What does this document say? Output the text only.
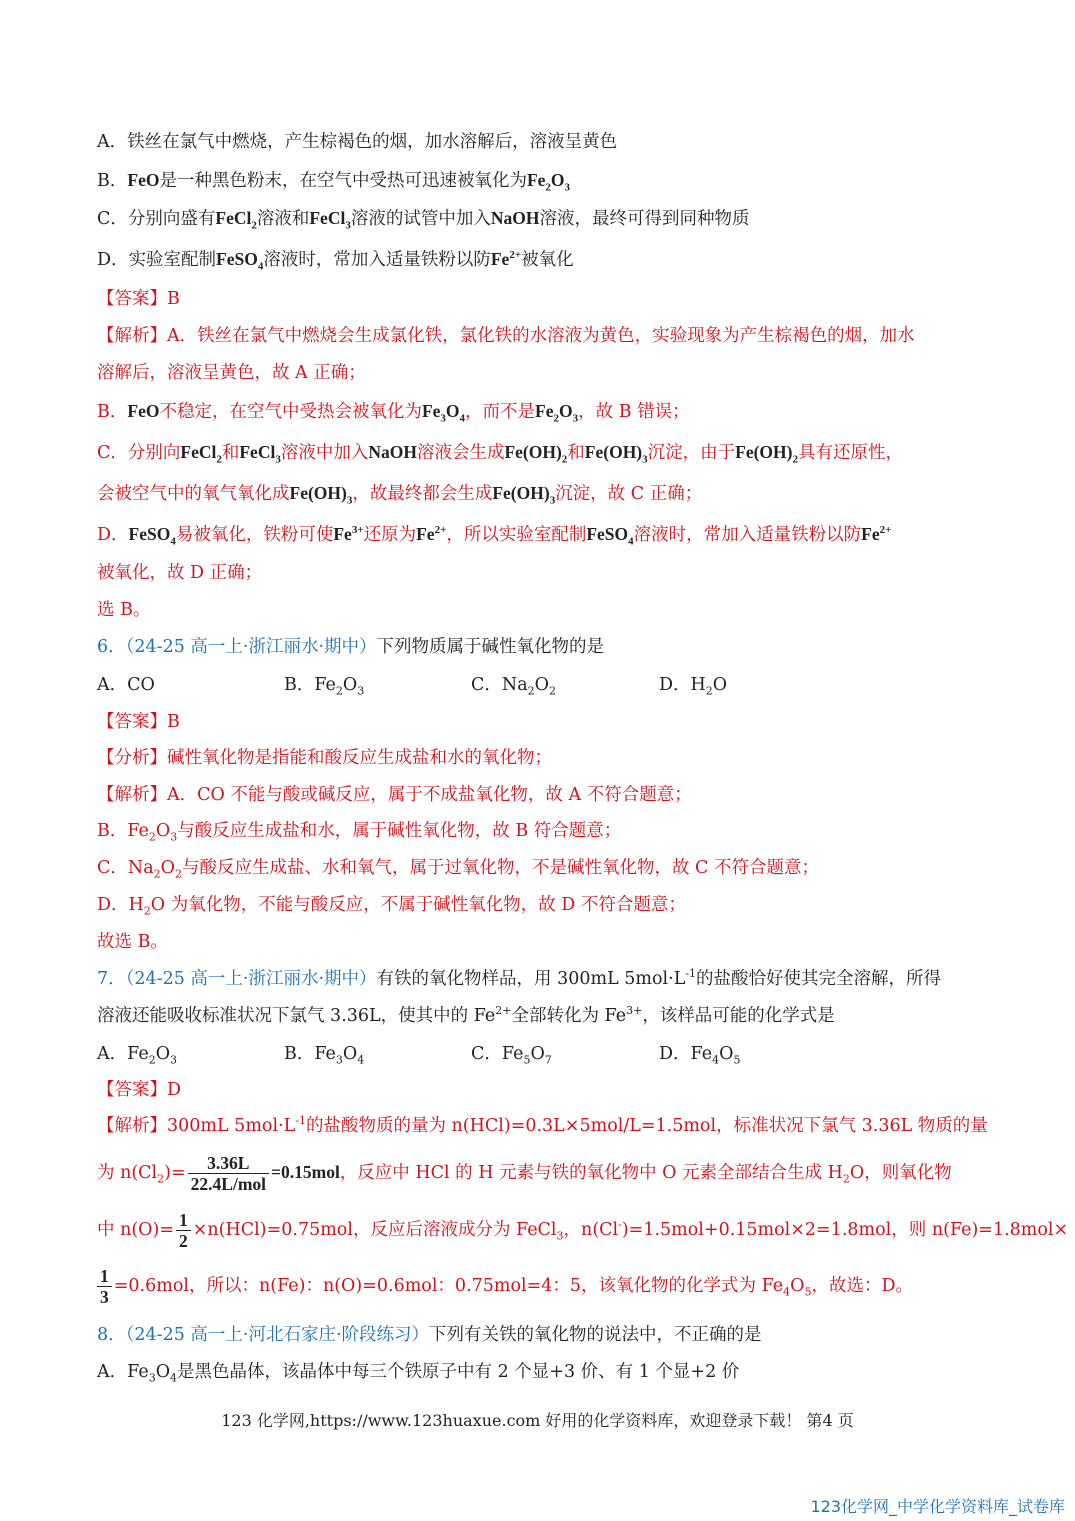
A．铁丝在氯气中燃烧，产生棕褐色的烟，加水溶解后，溶液呈黄色
B．FeO是一种黑色粉末，在空气中受热可迅速被氧化为$Fe_2O_3$
C．分别向盛有FeCl$_2$溶液和FeCl$_3$溶液的试管中加入NaOH溶液，最终可得到同种物质
D．实验室配制FeSO$_4$溶液时，常加入适量铁粉以防$Fe^{2+}$被氧化
【答案】B
【解析】A．铁丝在氯气中燃烧会生成氯化铁，氯化铁的水溶液为黄色，实验现象为产生棕褐色的烟，加水
溶解后，溶液呈黄色，故 A 正确；
B．FeO不稳定，在空气中受热会被氧化为$Fe_3O_4$，而不是$Fe_2O_3$，故 B 错误；
C．分别向FeCl$_2$和FeCl$_3$溶液中加入NaOH溶液会生成$Fe(OH)_2$和$Fe(OH)_3$沉淀，由于$Fe(OH)_2$具有还原性，
会被空气中的氧气氧化成$Fe(OH)_3$，故最终都会生成$Fe(OH)_3$沉淀，故 C 正确；
D．FeSO$_4$易被氧化，铁粉可使$Fe^{3+}$还原为$Fe^{2+}$，所以实验室配制FeSO$_4$溶液时，常加入适量铁粉以防$Fe^{2+}$
被氧化，故 D 正确；
选 B。
6．（24-25 高一上·浙江丽水·期中）下列物质属于碱性氧化物的是
A．CO	B．$Fe_2O_3$	C．$Na_2O_2$	D．$H_2O$
【答案】B
【分析】碱性氧化物是指能和酸反应生成盐和水的氧化物；
【解析】A．CO 不能与酸或碱反应，属于不成盐氧化物，故 A 不符合题意；
B．$Fe_2O_3$与酸反应生成盐和水，属于碱性氧化物，故 B 符合题意；
C．$Na_2O_2$与酸反应生成盐、水和氧气，属于过氧化物，不是碱性氧化物，故 C 不符合题意；
D．$H_2O$ 为氧化物，不能与酸反应，不属于碱性氧化物，故 D 不符合题意；
故选 B。
7．（24-25 高一上·浙江丽水·期中）有铁的氧化物样品，用 300mL $5mol\cdot L^{-1}$的盐酸恰好使其完全溶解，所得
溶液还能吸收标准状况下氯气 3.36L，使其中的 $Fe^{2+}$全部转化为 $Fe^{3+}$，该样品可能的化学式是
A．$Fe_2O_3$	B．$Fe_3O_4$	C．$Fe_5O_7$	D．$Fe_4O_5$
【答案】D
【解析】300mL $5mol\cdot L^{-1}$的盐酸物质的量为 n(HCl)=0.3L×5mol/L=1.5mol，标准状况下氯气 3.36L 物质的量
为 $n(Cl_2)= \frac{3.36L}{\text{22.4L/mol}} =0.15mol$，反应中 HCl 的 H 元素与铁的氧化物中 O 元素全部结合生成 $H_2O$，则氧化物
中 $n(O)= \frac{1}{2} \times n(HCl)=0.75mol$，反应后溶液成分为 FeCl$_3$，n(Cl-)=1.5mol+0.15mol×2=1.8mol，则 n(Fe)=1.8mol×
$\frac{1}{3} =0.6mol$，所以：n(Fe)：n(O)=0.6mol：0.75mol=4：5，该氧化物的化学式为 $Fe_4O_5$，故选：D。
8．（24-25 高一上·河北石家庄·阶段练习）下列有关铁的氧化物的说法中，不正确的是
A．$Fe_3O_4$是黑色晶体，该晶体中每三个铁原子中有 2 个显+3 价、有 1 个显+2 价
123 化学网,https://www.123huaxue.com 好用的化学资料库，欢迎登录下载！ 第4 页
123化学网_中学化学资料库_试卷库
